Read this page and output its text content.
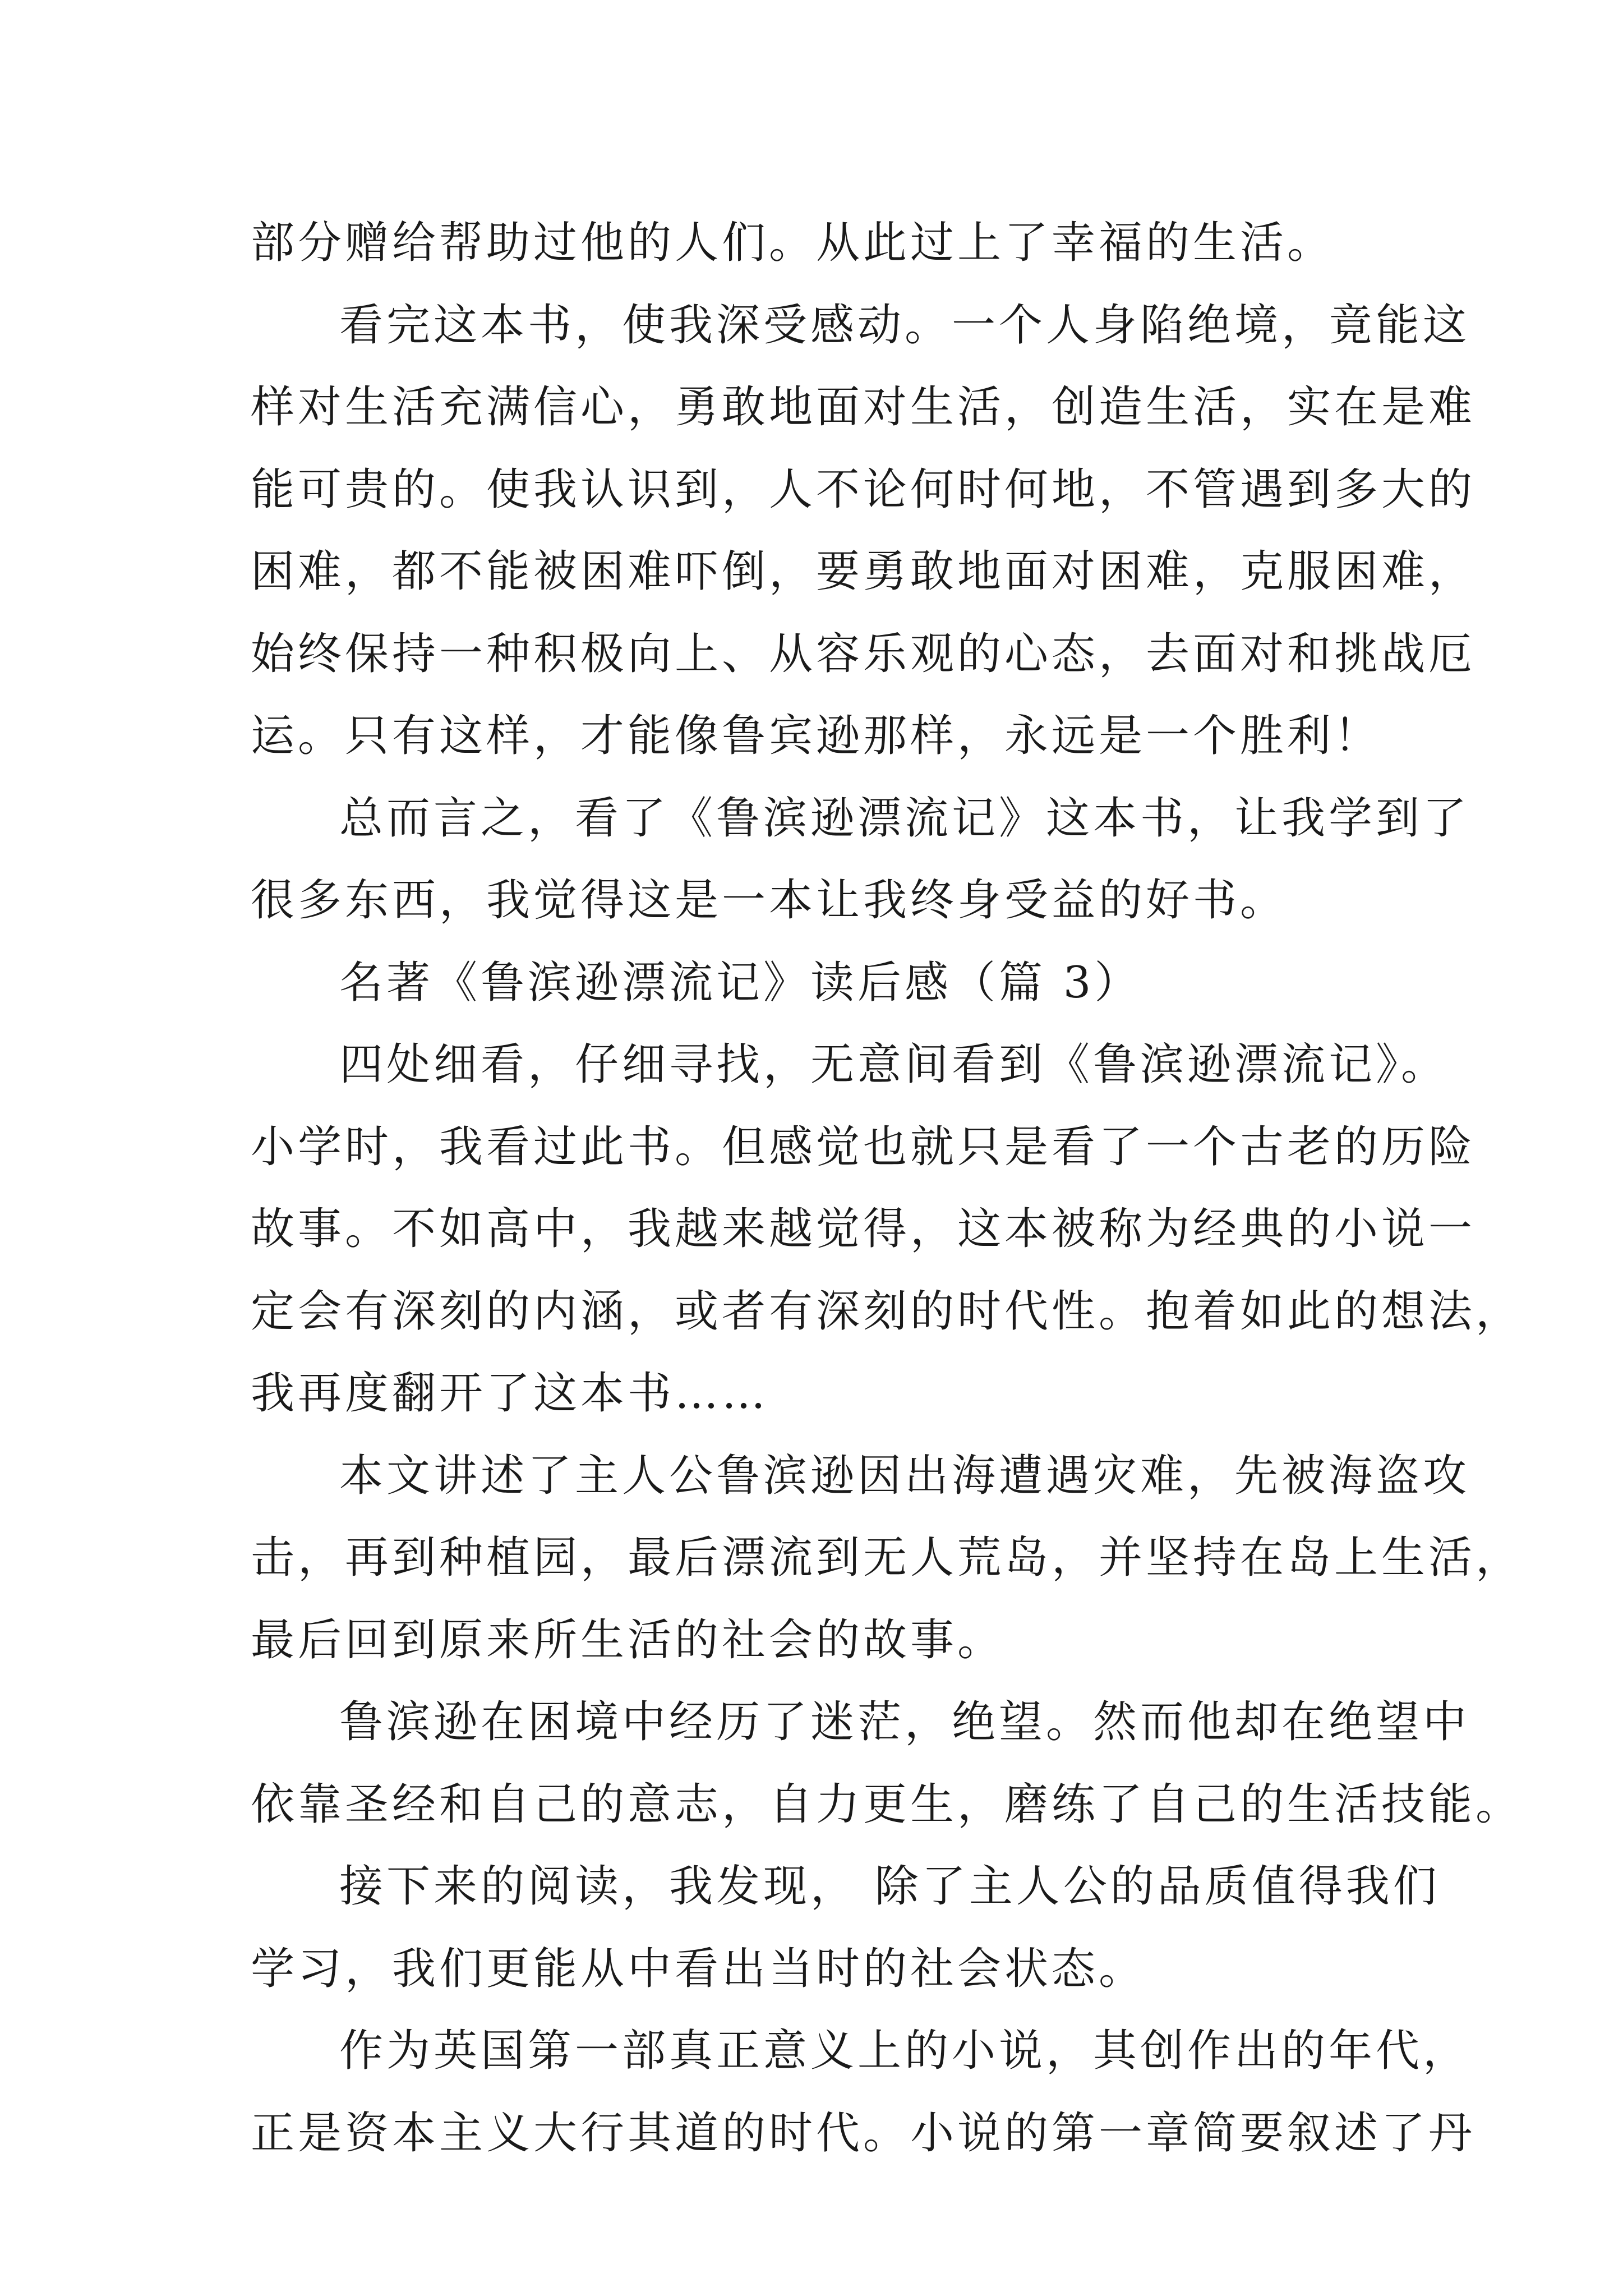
部分赠给帮助过他的人们。从此过上了幸福的生活。
看完这本书，使我深受感动。一个人身陷绝境，竟能这
样对生活充满信心，勇敢地面对生活，创造生活，实在是难
能可贵的。使我认识到，人不论何时何地，不管遇到多大的
困难，都不能被困难吓倒，要勇敢地面对困难，克服困难，
始终保持一种积极向上、从容乐观的心态，去面对和挑战厄
运。只有这样，才能像鲁宾逊那样，永远是一个胜利！
总而言之，看了《鲁滨逊漂流记》这本书，让我学到了
很多东西，我觉得这是一本让我终身受益的好书。
名著《鲁滨逊漂流记》读后感（篇 3）
四处细看，仔细寻找，无意间看到《鲁滨逊漂流记》。
小学时，我看过此书。但感觉也就只是看了一个古老的历险
故事。不如高中，我越来越觉得，这本被称为经典的小说一
定会有深刻的内涵，或者有深刻的时代性。抱着如此的想法，
我再度翻开了这本书……
本文讲述了主人公鲁滨逊因出海遭遇灾难，先被海盗攻
击，再到种植园，最后漂流到无人荒岛，并坚持在岛上生活，
最后回到原来所生活的社会的故事。
鲁滨逊在困境中经历了迷茫，绝望。然而他却在绝望中
依靠圣经和自己的意志，自力更生，磨练了自己的生活技能。
接下来的阅读，我发现， 除了主人公的品质值得我们
学习，我们更能从中看出当时的社会状态。
作为英国第一部真正意义上的小说，其创作出的年代，
正是资本主义大行其道的时代。小说的第一章简要叙述了丹
